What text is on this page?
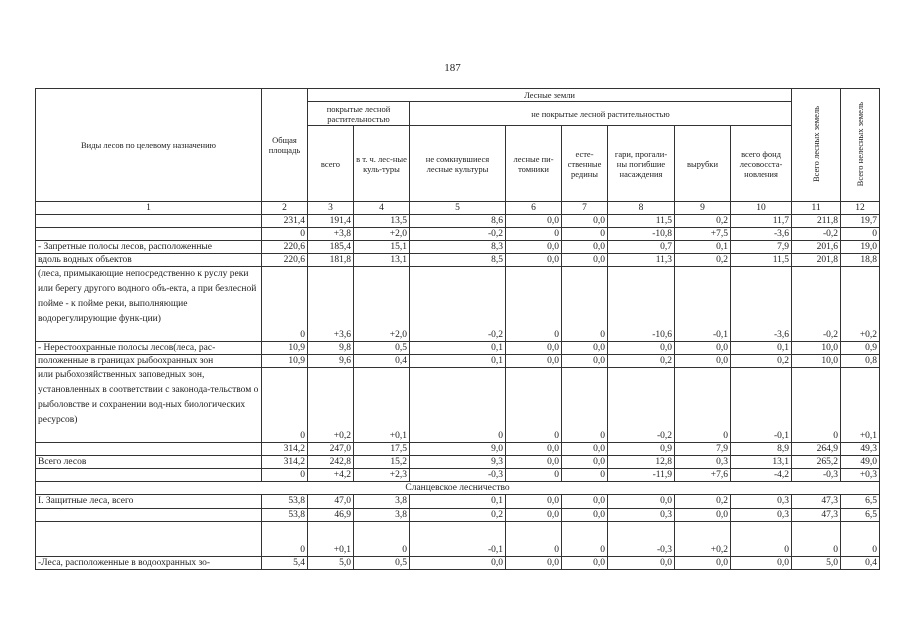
187
Виды лесов по целевому назначению	Общая площадь	Лесные земли								Всего лесных земель	Всего нелесных земель
		покрытые лесной растительностью		не покрытые лесной растительностью							
		всего	в т. ч. лес-ные куль-туры	не сомкнувшиеся лесные культуры	лесные пи-томники	есте-ственные редины	гари, прогали-ны погибшие насаждения	вырубки	всего фонд лесовосста-новления		
1	2	3	4	5	6	7	8	9	10	11	12
	231,4	191,4	13,5	8,6	0,0	0,0	11,5	0,2	11,7	211,8	19,7
	0	+3,8	+2,0	-0,2	0	0	-10,8	+7,5	-3,6	-0,2	0
- Запретные полосы лесов, расположенные	220,6	185,4	15,1	8,3	0,0	0,0	0,7	0,1	7,9	201,6	19,0
вдоль водных объектов	220,6	181,8	13,1	8,5	0,0	0,0	11,3	0,2	11,5	201,8	18,8
(леса, примыкающие непосредственно к руслу реки или берегу другого водного объ-екта, а при безлесной пойме - к пойме реки, выполняющие водорегулирующие функ-ции)	0	+3,6	+2,0	-0,2	0	0	-10,6	-0,1	-3,6	-0,2	+0,2
- Нерестоохранные полосы лесов(леса, рас-	10,9	9,8	0,5	0,1	0,0	0,0	0,0	0,0	0,1	10,0	0,9
положенные в границах рыбоохранных зон	10,9	9,6	0,4	0,1	0,0	0,0	0,2	0,0	0,2	10,0	0,8
или рыбохозяйственных заповедных зон, установленных в соответствии с законода-тельством о рыболовстве и сохранении вод-ных биологических ресурсов)	0	+0,2	+0,1	0	0	0	-0,2	0	-0,1	0	+0,1
	314,2	247,0	17,5	9,0	0,0	0,0	0,9	7,9	8,9	264,9	49,3
Всего лесов	314,2	242,8	15,2	9,3	0,0	0,0	12,8	0,3	13,1	265,2	49,0
	0	+4,2	+2,3	-0,3	0	0	-11,9	+7,6	-4,2	-0,3	+0,3
Сланцевское лесничество											
I. Защитные леса, всего	53,8	47,0	3,8	0,1	0,0	0,0	0,0	0,2	0,3	47,3	6,5
	53,8	46,9	3,8	0,2	0,0	0,0	0,3	0,0	0,3	47,3	6,5
	0	+0,1	0	-0,1	0	0	-0,3	+0,2	0	0	0
-Леса, расположенные в водоохранных зо-	5,4	5,0	0,5	0,0	0,0	0,0	0,0	0,0	0,0	5,0	0,4
